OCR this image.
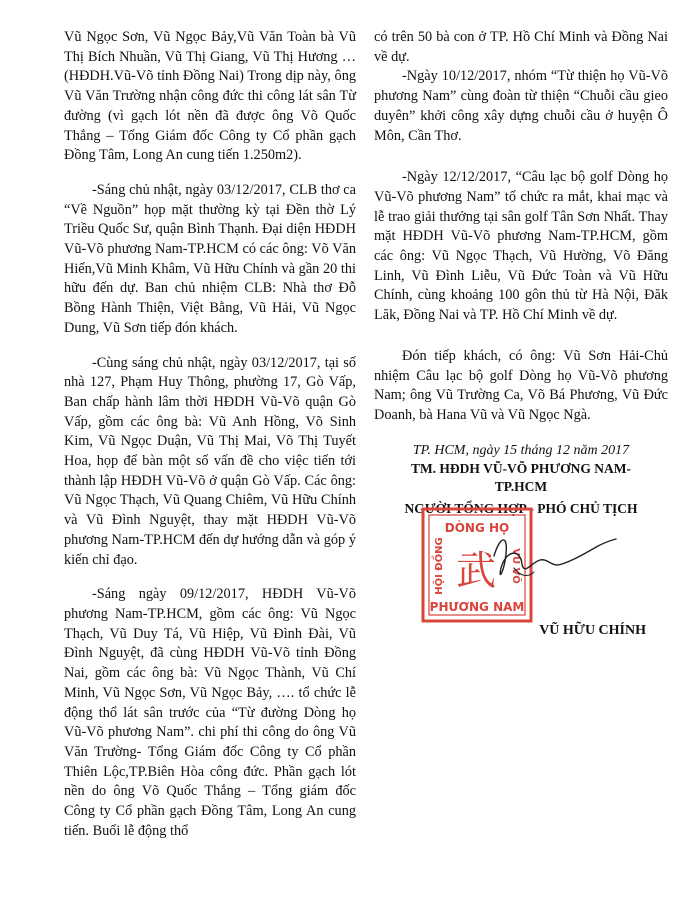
Vũ Ngọc Sơn, Vũ Ngọc Bảy,Vũ Văn Toàn bà Vũ Thị Bích Nhuần, Vũ Thị Giang, Vũ Thị Hương …(HĐDH.Vũ-Võ tỉnh Đồng Nai) Trong dịp này, ông Vũ Văn Trường nhận công đức thi công lát sân Từ đường (vì gạch lót nền đã được ông Võ Quốc Thắng – Tổng Giám đốc Công ty Cổ phần gạch Đồng Tâm, Long An cung tiến 1.250m2).

-Sáng chủ nhật, ngày 03/12/2017, CLB thơ ca “Về Nguồn” họp mặt thường kỳ tại Đền thờ Lý Triều Quốc Sư, quận Bình Thạnh. Đại diện HĐDH Vũ-Võ phương Nam-TP.HCM có các ông: Võ Văn Hiến,Vũ Minh Khâm, Vũ Hữu Chính và gần 20 thi hữu đến dự. Ban chủ nhiệm CLB: Nhà thơ Đỗ Bồng Hành Thiện, Việt Bằng, Vũ Hải, Vũ Ngọc Dung, Vũ Sơn tiếp đón khách.

-Cùng sáng chủ nhật, ngày 03/12/2017, tại số nhà 127, Phạm Huy Thông, phường 17, Gò Vấp, Ban chấp hành lâm thời HĐDH Vũ-Võ quận Gò Vấp, gồm các ông bà: Vũ Anh Hồng, Võ Sinh Kim, Vũ Ngọc Duận, Vũ Thị Mai, Võ Thị Tuyết Hoa, họp để bàn một số vấn đề cho việc tiến tới thành lập HĐDH Vũ-Võ ở quận Gò Vấp. Các ông: Vũ Ngọc Thạch, Vũ Quang Chiêm, Vũ Hữu Chính và Vũ Đình Nguyệt, thay mặt HĐDH Vũ-Võ phương Nam-TP.HCM đến dự hướng dẫn và góp ý kiến chỉ đạo.

-Sáng ngày 09/12/2017, HĐDH Vũ-Võ phương Nam-TP.HCM, gồm các ông: Vũ Ngọc Thạch, Vũ Duy Tá, Vũ Hiệp, Vũ Đình Đài, Vũ Đình Nguyệt, đã cùng HĐDH Vũ-Võ tỉnh Đồng Nai, gồm các ông bà: Vũ Ngọc Thành, Vũ Chí Minh, Vũ Ngọc Sơn, Vũ Ngọc Bảy, …. tổ chức lễ động thổ lát sân trước của “Từ đường Dòng họ Vũ-Võ phương Nam”. chi phí thi công do ông Vũ Văn Trường- Tổng Giám đốc Công ty Cổ phần Thiên Lộc,TP.Biên Hòa công đức. Phần gạch lót nền do ông Võ Quốc Thắng – Tổng giám đốc Công ty Cổ phần gạch Đồng Tâm, Long An cung tiến. Buổi lễ động thổ

có trên 50 bà con ở TP. Hồ Chí Minh và Đồng Nai về dự.

-Ngày 10/12/2017, nhóm “Từ thiện họ Vũ-Võ phương Nam” cùng đoàn từ thiện “Chuỗi cầu gieo duyên” khởi công xây dựng chuỗi cầu ở huyện Ô Môn, Cần Thơ.

-Ngày 12/12/2017, “Câu lạc bộ golf Dòng họ Vũ-Võ phương Nam” tổ chức ra mắt, khai mạc và lễ trao giải thưởng tại sân golf Tân Sơn Nhất. Thay mặt HĐDH Vũ-Võ phương Nam-TP.HCM, gồm các ông: Vũ Ngọc Thạch, Vũ Hường, Võ Đăng Linh, Vũ Đình Liễu, Vũ Đức Toàn và Vũ Hữu Chính, cùng khoảng 100 gôn thủ từ Hà Nội, Đăk Lăk, Đồng Nai và TP. Hồ Chí Minh về dự.

Đón tiếp khách, có ông: Vũ Sơn Hải-Chủ nhiệm Câu lạc bộ golf Dòng họ Vũ-Võ phương Nam; ông Vũ Trường Ca, Võ Bá Phương, Vũ Đức Doanh, bà Hana Vũ và Vũ Ngọc Ngà.

TP. HCM, ngày 15 tháng 12 năm 2017

TM. HĐDH VŨ-VÕ PHƯƠNG NAM-

TP.HCM

NGƯỜI TỔNG HỢP - PHÓ CHỦ TỊCH

DÒNG HỌ
PHƯƠNG NAM
HỘI ĐỒNG	VŨ VÕ
武

VŨ HỮU CHÍNH
